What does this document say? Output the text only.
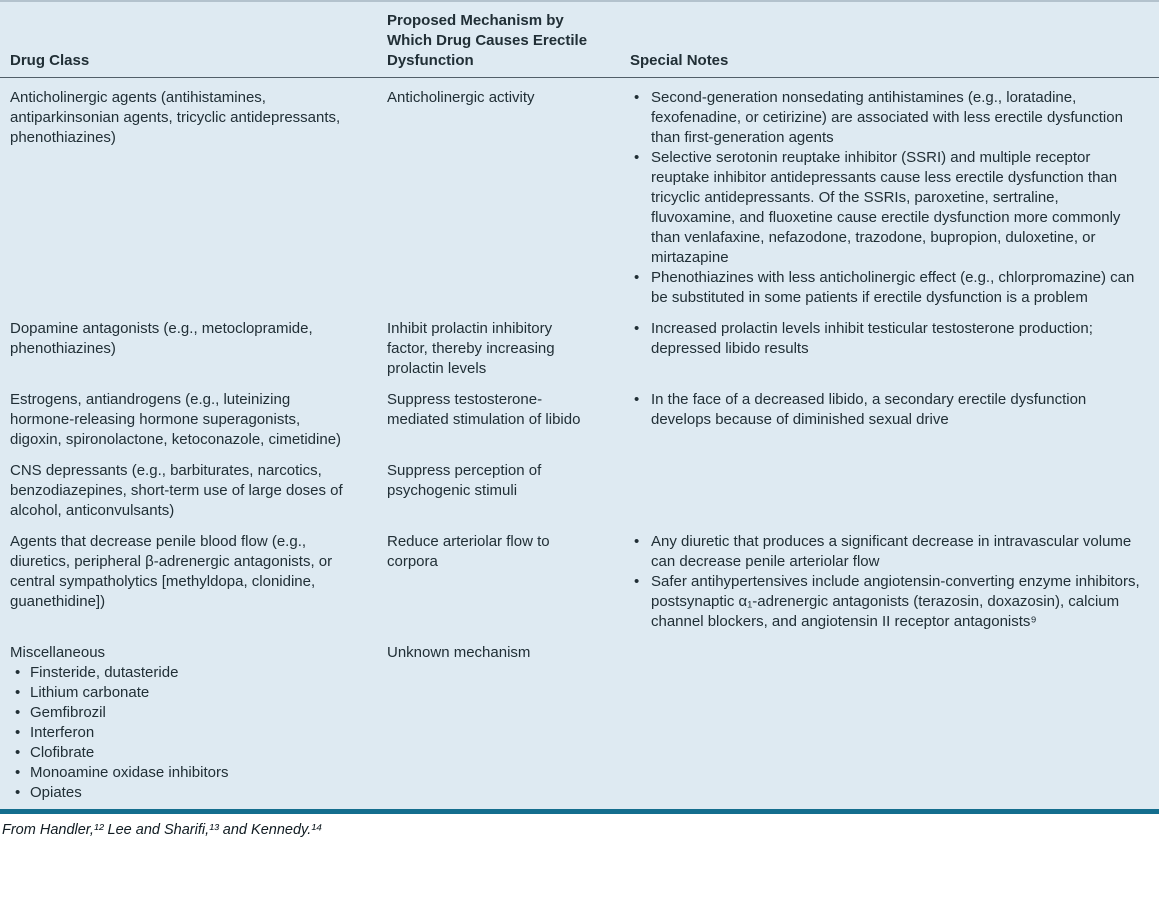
Drug Class
Proposed Mechanism by
Which Drug Causes Erectile
Dysfunction	Special Notes
Anticholinergic agents (antihistamines, antiparkinsonian agents, tricyclic antidepressants, phenothiazines)
Anticholinergic activity	• Second-generation nonsedating antihistamines (e.g., loratadine, fexofenadine, or cetirizine) are associated with less erectile dysfunction than first-generation agents
• Selective serotonin reuptake inhibitor (SSRI) and multiple receptor reuptake inhibitor antidepressants cause less erectile dysfunction than tricyclic antidepressants. Of the SSRIs, paroxetine, sertraline, fluvoxamine, and fluoxetine cause erectile dysfunction more commonly than venlafaxine, nefazodone, trazodone, bupropion, duloxetine, or mirtazapine
• Phenothiazines with less anticholinergic effect (e.g., chlorpromazine) can be substituted in some patients if erectile dysfunction is a problem
Dopamine antagonists (e.g., metoclopramide, phenothiazines)
Inhibit prolactin inhibitory factor, thereby increasing prolactin levels
• Increased prolactin levels inhibit testicular testosterone production; depressed libido results
Estrogens, antiandrogens (e.g., luteinizing hormone-releasing hormone superagonists, digoxin, spironolactone, ketoconazole, cimetidine)
Suppress testosterone-mediated stimulation of libido
• In the face of a decreased libido, a secondary erectile dysfunction develops because of diminished sexual drive
CNS depressants (e.g., barbiturates, narcotics, benzodiazepines, short-term use of large doses of alcohol, anticonvulsants)
Suppress perception of psychogenic stimuli
Agents that decrease penile blood flow (e.g., diuretics, peripheral β-adrenergic antagonists, or central sympatholytics [methyldopa, clonidine, guanethidine])
Reduce arteriolar flow to corpora
• Any diuretic that produces a significant decrease in intravascular volume can decrease penile arteriolar flow
• Safer antihypertensives include angiotensin-converting enzyme inhibitors, postsynaptic α₁-adrenergic antagonists (terazosin, doxazosin), calcium channel blockers, and angiotensin II receptor antagonists⁹
Miscellaneous
• Finsteride, dutasteride
• Lithium carbonate
• Gemfibrozil
• Interferon
• Clofibrate
• Monoamine oxidase inhibitors
• Opiates
Unknown mechanism
From Handler,¹² Lee and Sharifi,¹³ and Kennedy.¹⁴
